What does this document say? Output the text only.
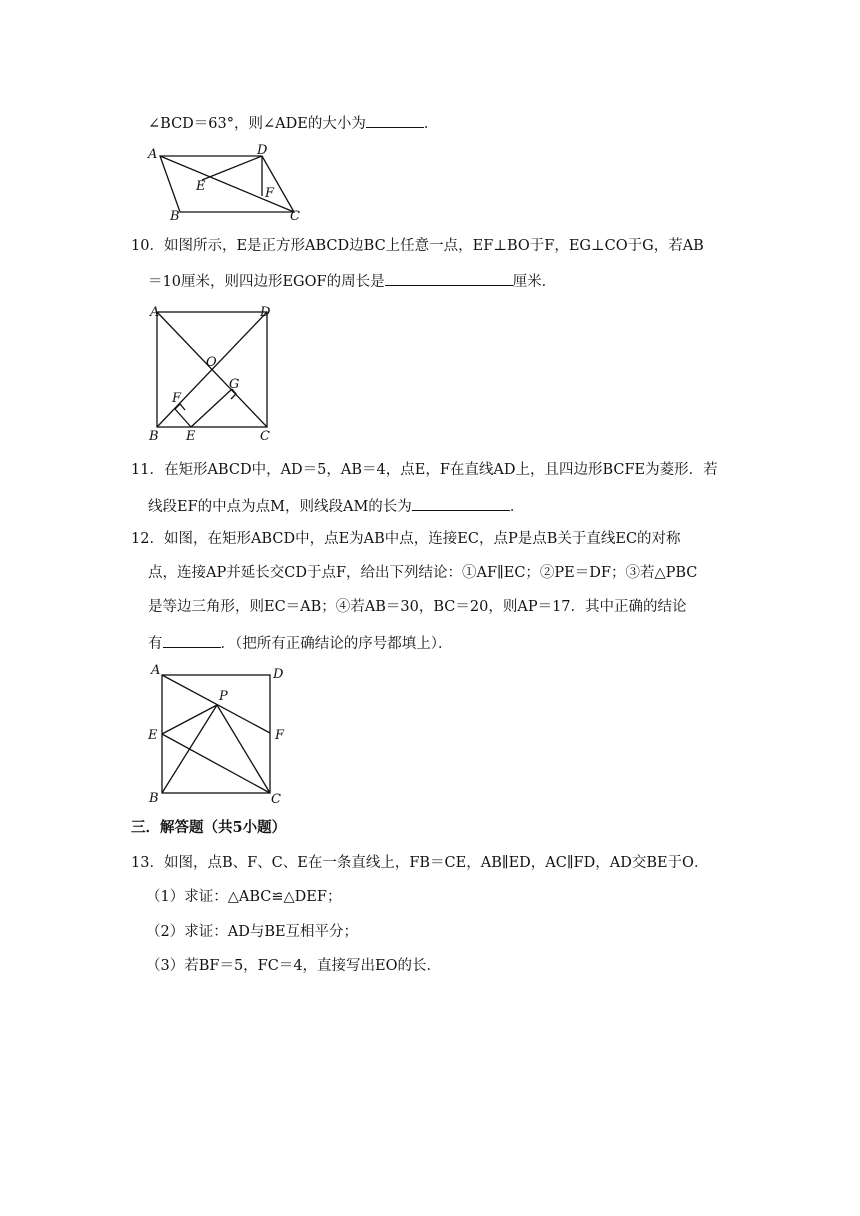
∠BCD＝63°，则∠ADE的大小为	．
A	D
E	F
B	C
10．如图所示，E是正方形ABCD边BC上任意一点，EF⊥BO于F，EG⊥CO于G，若AB
＝10厘米，则四边形EGOF的周长是	厘米．
A	D
O
G
F
B E	C
11．在矩形ABCD中，AD＝5，AB＝4，点E，F在直线AD上，且四边形BCFE为菱形．若
线段EF的中点为点M，则线段AM的长为	．
12．如图，在矩形ABCD中，点E为AB中点，连接EC，点P是点B关于直线EC的对称
点，连接AP并延长交CD于点F，给出下列结论：①AF∥EC；②PE＝DF；③若△PBC
是等边三角形，则EC＝AB；④若AB＝30，BC＝20，则AP＝17．其中正确的结论
有	．（把所有正确结论的序号都填上）．
A	D
P
E	F
B	C
三．解答题（共5小题）
13．如图，点B、F、C、E在一条直线上，FB＝CE，AB∥ED，AC∥FD，AD交BE于O．
（1）求证：△ABC≌△DEF；
（2）求证：AD与BE互相平分；
（3）若BF＝5，FC＝4，直接写出EO的长．
